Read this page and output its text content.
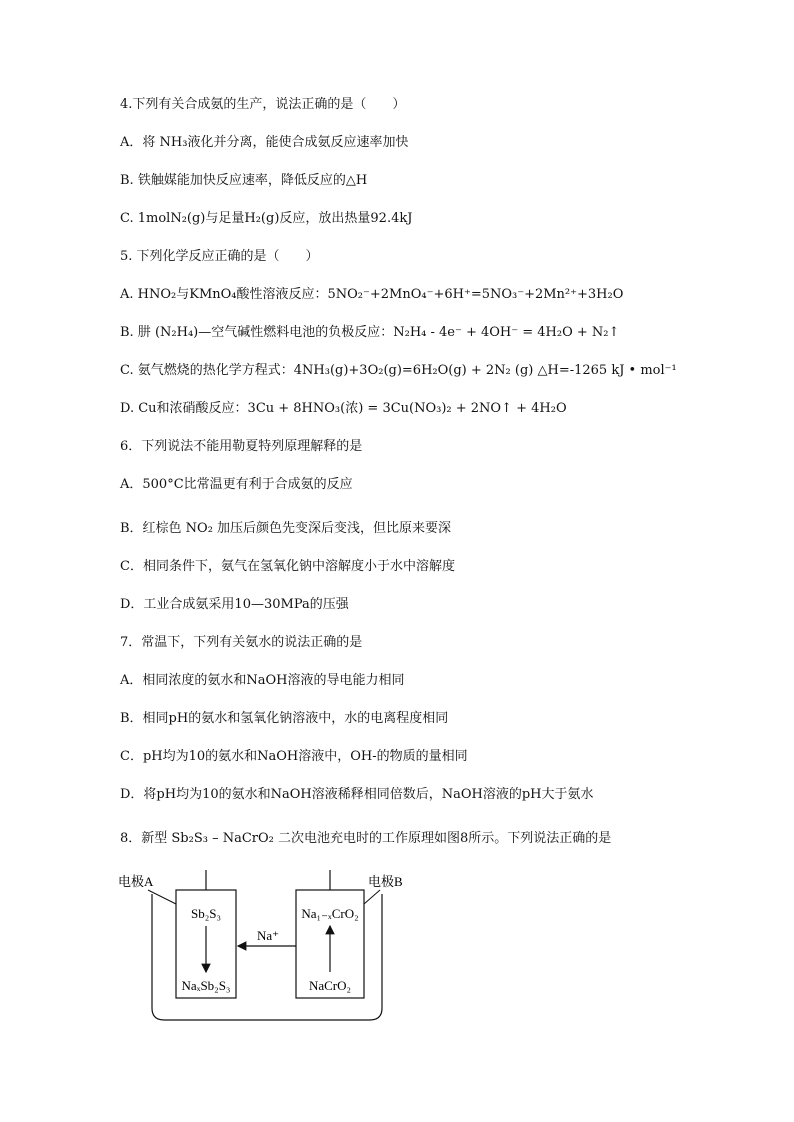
4.下列有关合成氨的生产，说法正确的是（　　）
A．将 NH₃液化并分离，能使合成氨反应速率加快
B. 铁触媒能加快反应速率，降低反应的△H
C. 1molN₂(g)与足量H₂(g)反应，放出热量92.4kJ
5. 下列化学反应正确的是（　　）
A. HNO₂与KMnO₄酸性溶液反应：5NO₂⁻+2MnO₄⁻+6H⁺=5NO₃⁻+2Mn²⁺+3H₂O
B. 肼 (N₂H₄)—空气碱性燃料电池的负极反应：N₂H₄ - 4e⁻ + 4OH⁻ = 4H₂O + N₂↑
C. 氨气燃烧的热化学方程式：4NH₃(g)+3O₂(g)=6H₂O(g) + 2N₂ (g) △H=-1265 kJ • mol⁻¹
D. Cu和浓硝酸反应：3Cu + 8HNO₃(浓) = 3Cu(NO₃)₂ + 2NO↑ + 4H₂O
6．下列说法不能用勒夏特列原理解释的是
A．500°C比常温更有利于合成氨的反应
B．红棕色 NO₂ 加压后颜色先变深后变浅，但比原来要深
C．相同条件下，氨气在氢氧化钠中溶解度小于水中溶解度
D．工业合成氨采用10—30MPa的压强
7．常温下，下列有关氨水的说法正确的是
A．相同浓度的氨水和NaOH溶液的导电能力相同
B．相同pH的氨水和氢氧化钠溶液中，水的电离程度相同
C．pH均为10的氨水和NaOH溶液中，OH-的物质的量相同
D．将pH均为10的氨水和NaOH溶液稀释相同倍数后，NaOH溶液的pH大于氨水
8．新型 Sb₂S₃ – NaCrO₂ 二次电池充电时的工作原理如图8所示。下列说法正确的是
电极A	电极B
Sb₂S₃
NaₓSb₂S₃
Na₁₋ₓCrO₂
NaCrO₂
Na⁺
